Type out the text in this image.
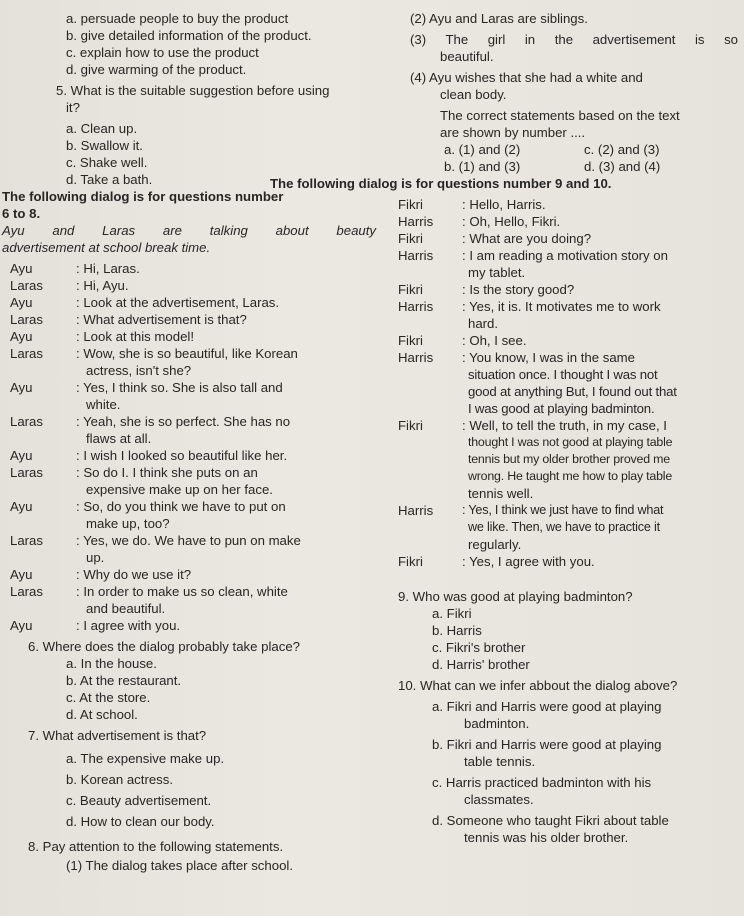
a. persuade people to buy the product
b. give detailed information of the product.
c. explain how to use the product
d. give warming of the product.
5. What is the suitable suggestion before using
it?
a. Clean up.
b. Swallow it.
c. Shake well.
d. Take a bath.
The following dialog is for questions number
6 to 8.
Ayu and Laras are talking about beauty
advertisement at school break time.
Ayu	: Hi, Laras.
Laras	: Hi, Ayu.
Ayu	: Look at the advertisement, Laras.
Laras	: What advertisement is that?
Ayu	: Look at this model!
Laras	: Wow, she is so beautiful, like Korean
actress, isn't she?
Ayu	: Yes, I think so. She is also tall and
white.
Laras	: Yeah, she is so perfect. She has no
flaws at all.
Ayu	: I wish I looked so beautiful like her.
Laras	: So do I. I think she puts on an
expensive make up on her face.
Ayu	: So, do you think we have to put on
make up, too?
Laras	: Yes, we do. We have to pun on make
up.
Ayu	: Why do we use it?
Laras	: In order to make us so clean, white
and beautiful.
Ayu	: I agree with you.
6. Where does the dialog probably take place?
a. In the house.
b. At the restaurant.
c. At the store.
d. At school.
7. What advertisement is that?
a. The expensive make up.
b. Korean actress.
c. Beauty advertisement.
d. How to clean our body.
8. Pay attention to the following statements.
(1) The dialog takes place after school.
(2) Ayu and Laras are siblings.
(3) The girl in the advertisement is so
beautiful.
(4) Ayu wishes that she had a white and
clean body.
The correct statements based on the text
are shown by number ....
a. (1) and (2)	c. (2) and (3)
b. (1) and (3)	d. (3) and (4)
The following dialog is for questions number 9 and 10.
Fikri	: Hello, Harris.
Harris	: Oh, Hello, Fikri.
Fikri	: What are you doing?
Harris	: I am reading a motivation story on
my tablet.
Fikri	: Is the story good?
Harris	: Yes, it is. It motivates me to work
hard.
Fikri	: Oh, I see.
Harris	: You know, I was in the same
situation once. I thought I was not
good at anything But, I found out that
I was good at playing badminton.
Fikri	: Well, to tell the truth, in my case, I
thought I was not good at playing table
tennis but my older brother proved me
wrong. He taught me how to play table
tennis well.
Harris	: Yes, I think we just have to find what
we like. Then, we have to practice it
regularly.
Fikri	: Yes, I agree with you.
9. Who was good at playing badminton?
a. Fikri
b. Harris
c. Fikri's brother
d. Harris' brother
10. What can we infer abbout the dialog above?
a. Fikri and Harris were good at playing
badminton.
b. Fikri and Harris were good at playing
table tennis.
c. Harris practiced badminton with his
classmates.
d. Someone who taught Fikri about table
tennis was his older brother.
